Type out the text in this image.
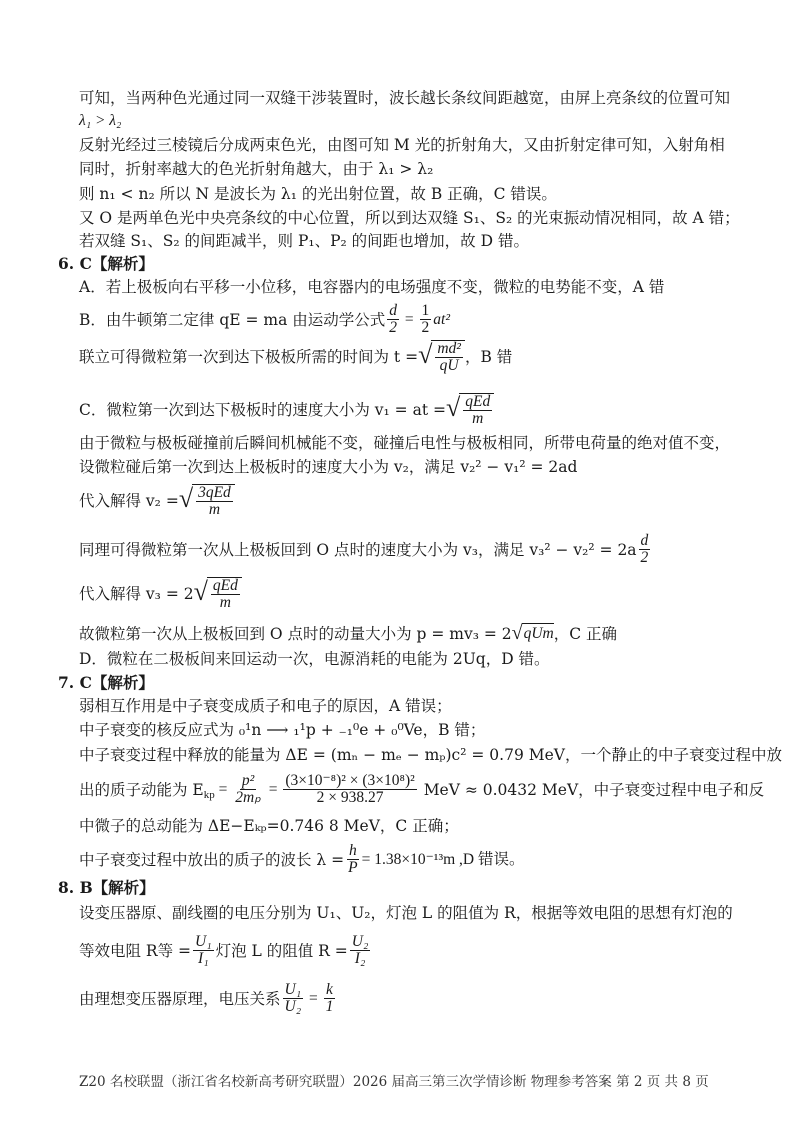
可知，当两种色光通过同一双缝干涉装置时，波长越长条纹间距越宽，由屏上亮条纹的位置可知
λ₁ > λ₂
反射光经过三棱镜后分成两束色光，由图可知 M 光的折射角大，又由折射定律可知，入射角相
同时，折射率越大的色光折射角越大，由于 λ₁ > λ₂
则 n₁ < n₂ 所以 N 是波长为 λ₁ 的光出射位置，故 B 正确，C 错误。
又 O 是两单色光中央亮条纹的中心位置，所以到达双缝 S₁、S₂ 的光束振动情况相同，故 A 错；
若双缝 S₁、S₂ 的间距减半，则 P₁、P₂ 的间距也增加，故 D 错。
6. C【解析】
A．若上极板向右平移一小位移，电容器内的电场强度不变，微粒的电势能不变，A 错
B．由牛顿第二定律 qE = ma 由运动学公式 $\frac{d}{2} = \frac{1}{2} at^2$
联立可得微粒第一次到达下极板所需的时间为 t = √ $\frac{\text{md²}}{qU}$ ，B 错
C．微粒第一次到达下极板时的速度大小为 v₁ = at = √ $\frac{\text{qEd}}{m}$
由于微粒与极板碰撞前后瞬间机械能不变，碰撞后电性与极板相同，所带电荷量的绝对值不变，
设微粒碰后第一次到达上极板时的速度大小为 v₂，满足 v₂² − v₁² = 2ad
代入解得 v₂ = √ $\frac{\text{3qEd}}{m}$
同理可得微粒第一次从上极板回到 O 点时的速度大小为 v₃，满足 $v_3^2 - v_2^2 = 2a \frac{d}{2}$
代入解得 v₃ = 2 √ $\frac{\text{qEd}}{m}$
故微粒第一次从上极板回到 O 点时的动量大小为 p = mv₃ = 2 √ qUm ，C 正确
D．微粒在二极板间来回运动一次，电源消耗的电能为 2Uq，D 错。
7. C【解析】
弱相互作用是中子衰变成质子和电子的原因，A 错误；
中子衰变的核反应式为 ₀¹n ⟶ ₁¹p + ₋₁⁰e + ₀⁰Ve，B 错；
中子衰变过程中释放的能量为 ΔE = (mₙ − mₑ − mₚ)c² = 0.79 MeV，一个静止的中子衰变过程中放
出的质子动能为 $E_{kp} = \frac{\text{p²}}{\text{2mₚ}} = \frac{\text{(3×10⁻⁸)² × (3×10⁸)²}}{2 \times 938.27}$
MeV ≈ 0.0432 MeV，中子衰变过程中电子和反
中微子的总动能为 ΔE−Eₖₚ=0.746 8 MeV，C 正确；
中子衰变过程中放出的质子的波长 $\lambda = \frac{h}{P} = 1.38\times 10^{-13}m$ ,D 错误。
8. B【解析】
设变压器原、副线圈的电压分别为 U₁、U₂，灯泡 L 的阻值为 R，根据等效电阻的思想有灯泡的
等效电阻 R等 = $\frac{\text{U₁}}{\text{I₁}}$ 灯泡 L 的阻值 $R = \frac{\text{U₂}}{\text{I₂}}$
由理想变压器原理，电压关系 $\frac{\text{U₁}}{\text{U₂}} = \frac{k}{1}$
Z20 名校联盟（浙江省名校新高考研究联盟）2026 届高三第三次学情诊断 物理参考答案 第 2 页 共 8 页
